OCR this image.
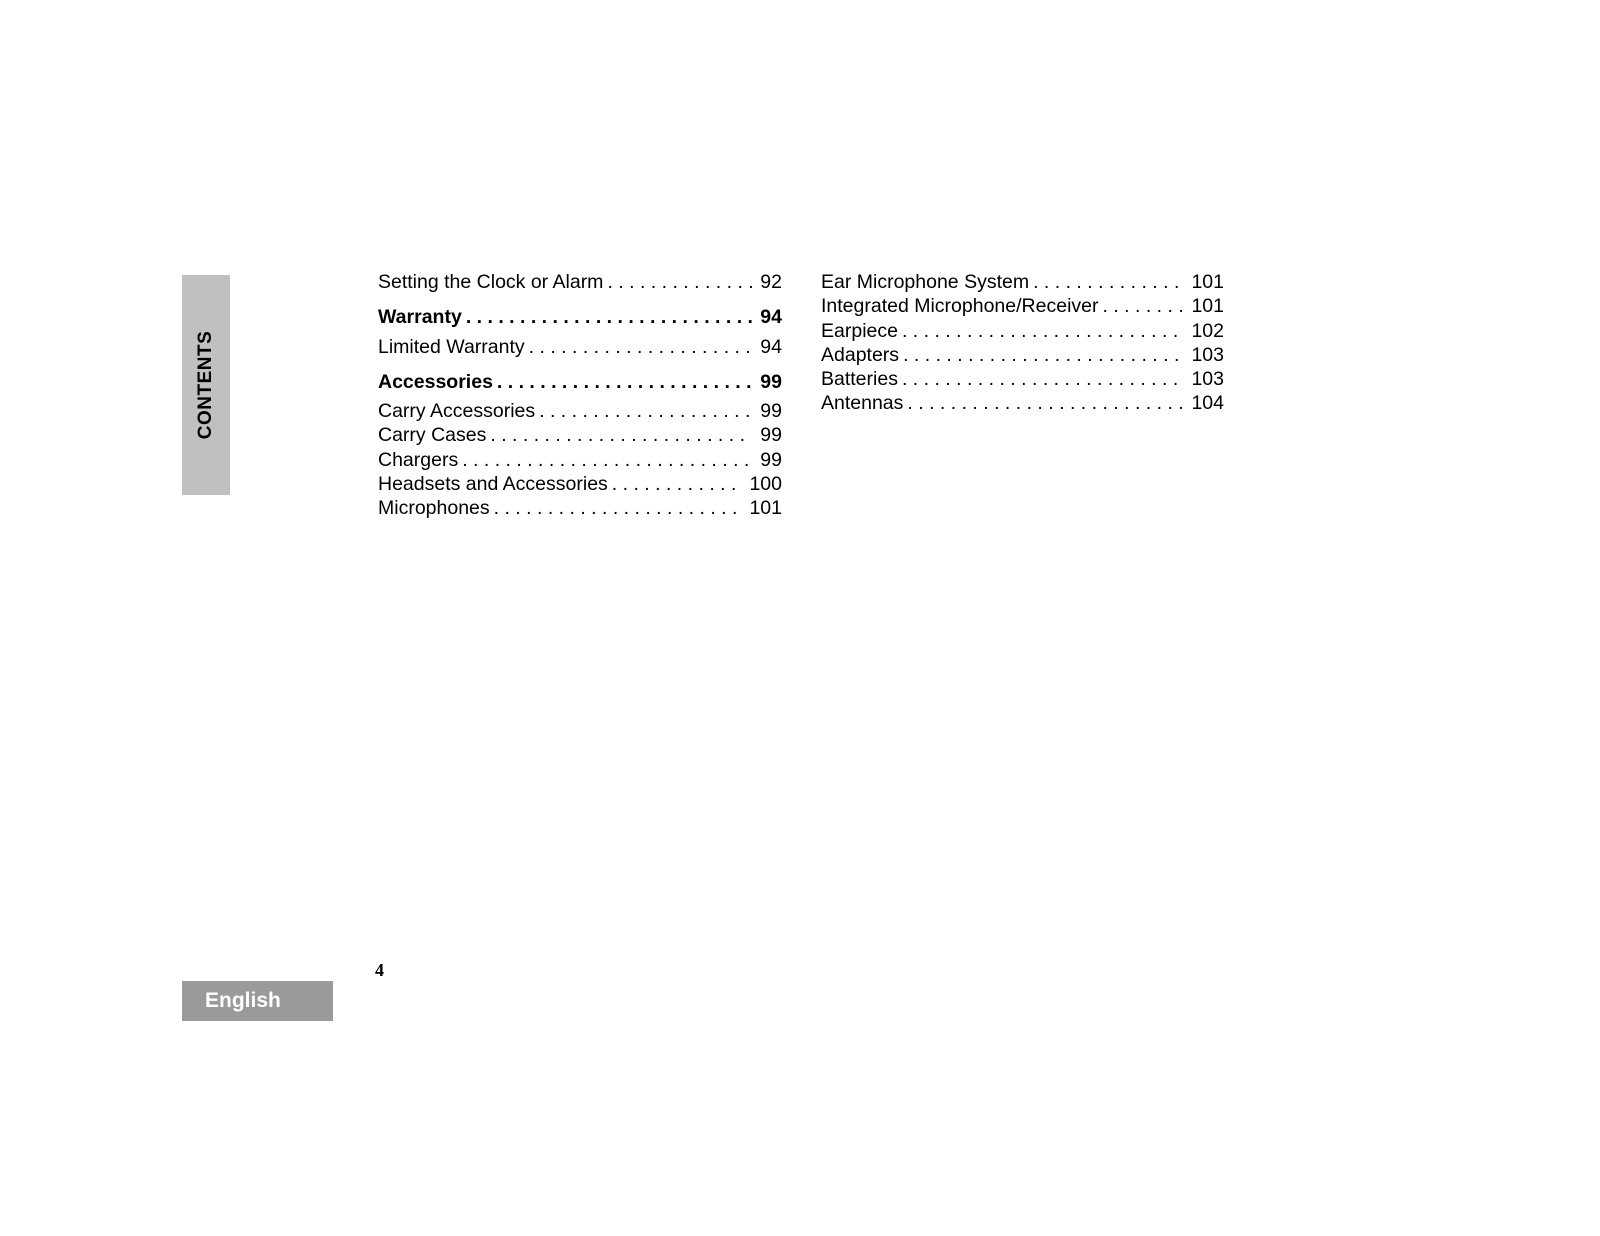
CONTENTS
Setting the Clock or Alarm . . .	92
Warranty . . .	94
Limited Warranty . . .	94
Accessories . . .	99
Carry Accessories . . .	99
Carry Cases . . .	99
Chargers . . .	99
Headsets and Accessories . . .	100
Microphones . . .	101
Ear Microphone System . . .	101
Integrated Microphone/Receiver . . .	101
Earpiece . . .	102
Adapters . . .	103
Batteries . . .	103
Antennas . . .	104
4
English
